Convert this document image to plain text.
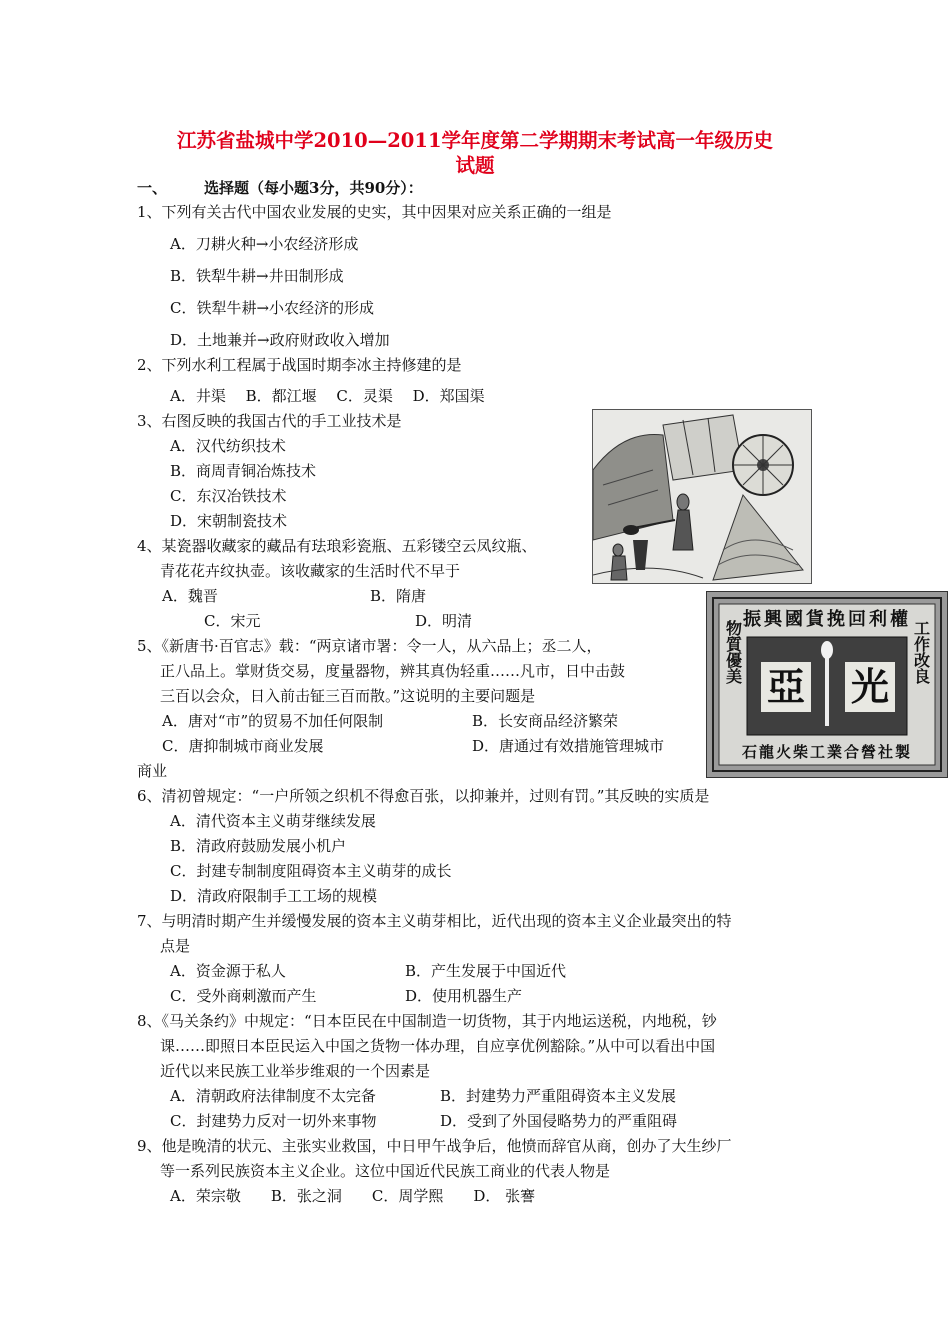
江苏省盐城中学2010—2011学年度第二学期期末考试高一年级历史
试题
一、 选择题（每小题3分，共90分）：
1、下列有关古代中国农业发展的史实，其中因果对应关系正确的一组是
A．刀耕火种→小农经济形成
B．铁犁牛耕→井田制形成
C．铁犁牛耕→小农经济的形成
D．土地兼并→政府财政收入增加
2、下列水利工程属于战国时期李冰主持修建的是
A．井渠　 B．都江堰　 C．灵渠　 D．郑国渠
3、右图反映的我国古代的手工业技术是
A．汉代纺织技术
B．商周青铜冶炼技术
C．东汉冶铁技术
D．宋朝制瓷技术
4、某瓷器收藏家的藏品有珐琅彩瓷瓶、五彩镂空云凤纹瓶、
青花花卉纹执壶。该收藏家的生活时代不早于
A．魏晋	B．隋唐
C．宋元	D．明清
5、《新唐书·百官志》载：“两京诸市署：令一人，从六品上；丞二人，
正八品上。掌财货交易，度量器物，辨其真伪轻重……凡市，日中击鼓
三百以会众，日入前击钲三百而散。”这说明的主要问题是
A．唐对“市”的贸易不加任何限制	B．长安商品经济繁荣
C．唐抑制城市商业发展	D．唐通过有效措施管理城市
商业
6、清初曾规定：“一户所领之织机不得愈百张，以抑兼并，过则有罚。”其反映的实质是
A．清代资本主义萌芽继续发展
B．清政府鼓励发展小机户
C．封建专制制度阻碍资本主义萌芽的成长
D．清政府限制手工工场的规模
7、与明清时期产生并缓慢发展的资本主义萌芽相比，近代出现的资本主义企业最突出的特
点是
A．资金源于私人	B．产生发展于中国近代
C．受外商刺激而产生	D．使用机器生产
8、《马关条约》中规定：“日本臣民在中国制造一切货物，其于内地运送税，内地税，钞
课……即照日本臣民运入中国之货物一体办理，自应享优例豁除。”从中可以看出中国
近代以来民族工业举步维艰的一个因素是
A．清朝政府法律制度不太完备	B．封建势力严重阻碍资本主义发展
C．封建势力反对一切外来事物	D．受到了外国侵略势力的严重阻碍
9、他是晚清的状元、主张实业救国，中日甲午战争后，他愤而辞官从商，创办了大生纱厂
等一系列民族资本主义企业。这位中国近代民族工商业的代表人物是
A．荣宗敬　　B．张之洞　　C．周学熙　　D． 张謇
振興國貨挽回利權
物質優美	工作改良
亞 光
石龍火柴工業合營社製
